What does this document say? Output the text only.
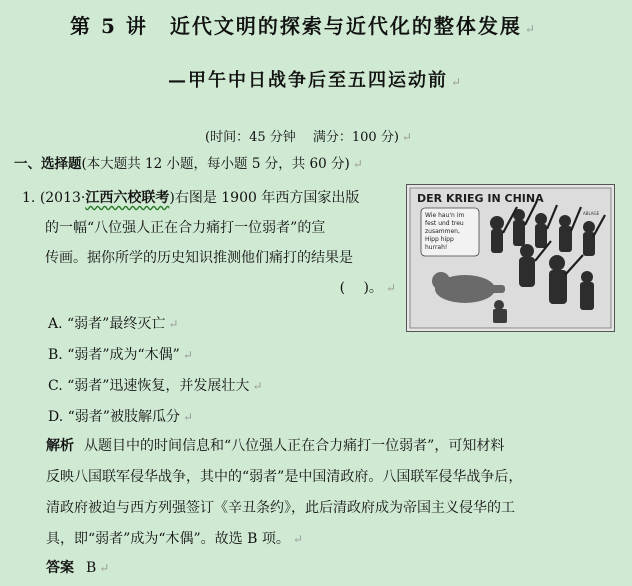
第 5 讲　近代文明的探索与近代化的整体发展 ↵
—甲午中日战争后至五四运动前 ↵
(时间：45 分钟　 满分：100 分) ↵
一、选择题(本大题共 12 小题，每小题 5 分，共 60 分) ↵
1. (2013·江西六校联考)右图是 1900 年西方国家出版
的一幅“八位强人正在合力痛打一位弱者”的宣
传画。据你所学的历史知识推测他们痛打的结果是
(　 )。 ↵
DER KRIEG IN CHINA
Wie hau'n im
fest und treu
zusammen,
Hipp hipp
hurrah!
ABLAGE
A. “弱者”最终灭亡 ↵
B. “弱者”成为“木偶” ↵
C. “弱者”迅速恢复，并发展壮大 ↵
D. “弱者”被肢解瓜分 ↵
解析 从题目中的时间信息和“八位强人正在合力痛打一位弱者”，可知材料
反映八国联军侵华战争，其中的“弱者”是中国清政府。八国联军侵华战争后，
清政府被迫与西方列强签订《辛丑条约》，此后清政府成为帝国主义侵华的工
具，即“弱者”成为“木偶”。故选 B 项。 ↵
答案 B ↵
